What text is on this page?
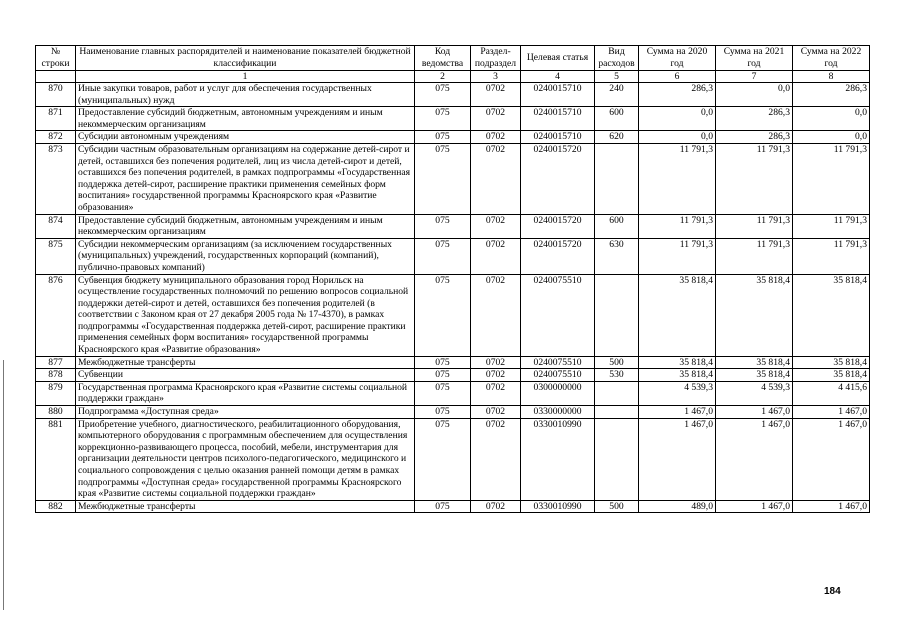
№ строки	Наименование главных распорядителей и наименование показателей бюджетной классификации	Код ведомства	Раздел-подраздел	Целевая статья	Вид расходов	Сумма на 2020 год	Сумма на 2021 год	Сумма на 2022 год
	1	2	3	4	5	6	7	8
870	Иные закупки товаров, работ и услуг для обеспечения государственных (муниципальных) нужд	075	0702	0240015710	240	286,3	0,0	286,3
871	Предоставление субсидий бюджетным, автономным учреждениям и иным некоммерческим организациям	075	0702	0240015710	600	0,0	286,3	0,0
872	Субсидии автономным учреждениям	075	0702	0240015710	620	0,0	286,3	0,0
873	Субсидии частным образовательным организациям на содержание детей-сирот и детей, оставшихся без попечения родителей, лиц из числа детей-сирот и детей, оставшихся без попечения родителей, в рамках подпрограммы «Государственная поддержка детей-сирот, расширение практики применения семейных форм воспитания» государственной программы Красноярского края «Развитие образования»	075	0702	0240015720		11 791,3	11 791,3	11 791,3
874	Предоставление субсидий бюджетным, автономным учреждениям и иным некоммерческим организациям	075	0702	0240015720	600	11 791,3	11 791,3	11 791,3
875	Субсидии некоммерческим организациям (за исключением государственных (муниципальных) учреждений, государственных корпораций (компаний), публично-правовых компаний)	075	0702	0240015720	630	11 791,3	11 791,3	11 791,3
876	Субвенция бюджету муниципального образования город Норильск на осуществление государственных полномочий по решению вопросов социальной поддержки детей-сирот и детей, оставшихся без попечения родителей (в соответствии с Законом края от 27 декабря 2005 года № 17-4370), в рамках подпрограммы «Государственная поддержка детей-сирот, расширение практики применения семейных форм воспитания» государственной программы Красноярского края «Развитие образования»	075	0702	0240075510		35 818,4	35 818,4	35 818,4
877	Межбюджетные трансферты	075	0702	0240075510	500	35 818,4	35 818,4	35 818,4
878	Субвенции	075	0702	0240075510	530	35 818,4	35 818,4	35 818,4
879	Государственная программа Красноярского края «Развитие системы социальной поддержки граждан»	075	0702	0300000000		4 539,3	4 539,3	4 415,6
880	Подпрограмма «Доступная среда»	075	0702	0330000000		1 467,0	1 467,0	1 467,0
881	Приобретение учебного, диагностического, реабилитационного оборудования, компьютерного оборудования с программным обеспечением для осуществления коррекционно-развивающего процесса, пособий, мебели, инструментария для организации деятельности центров психолого-педагогического, медицинского и социального сопровождения с целью оказания ранней помощи детям в рамках подпрограммы «Доступная среда» государственной программы Красноярского края «Развитие системы социальной поддержки граждан»	075	0702	0330010990		1 467,0	1 467,0	1 467,0
882	Межбюджетные трансферты	075	0702	0330010990	500	489,0	1 467,0	1 467,0
184
